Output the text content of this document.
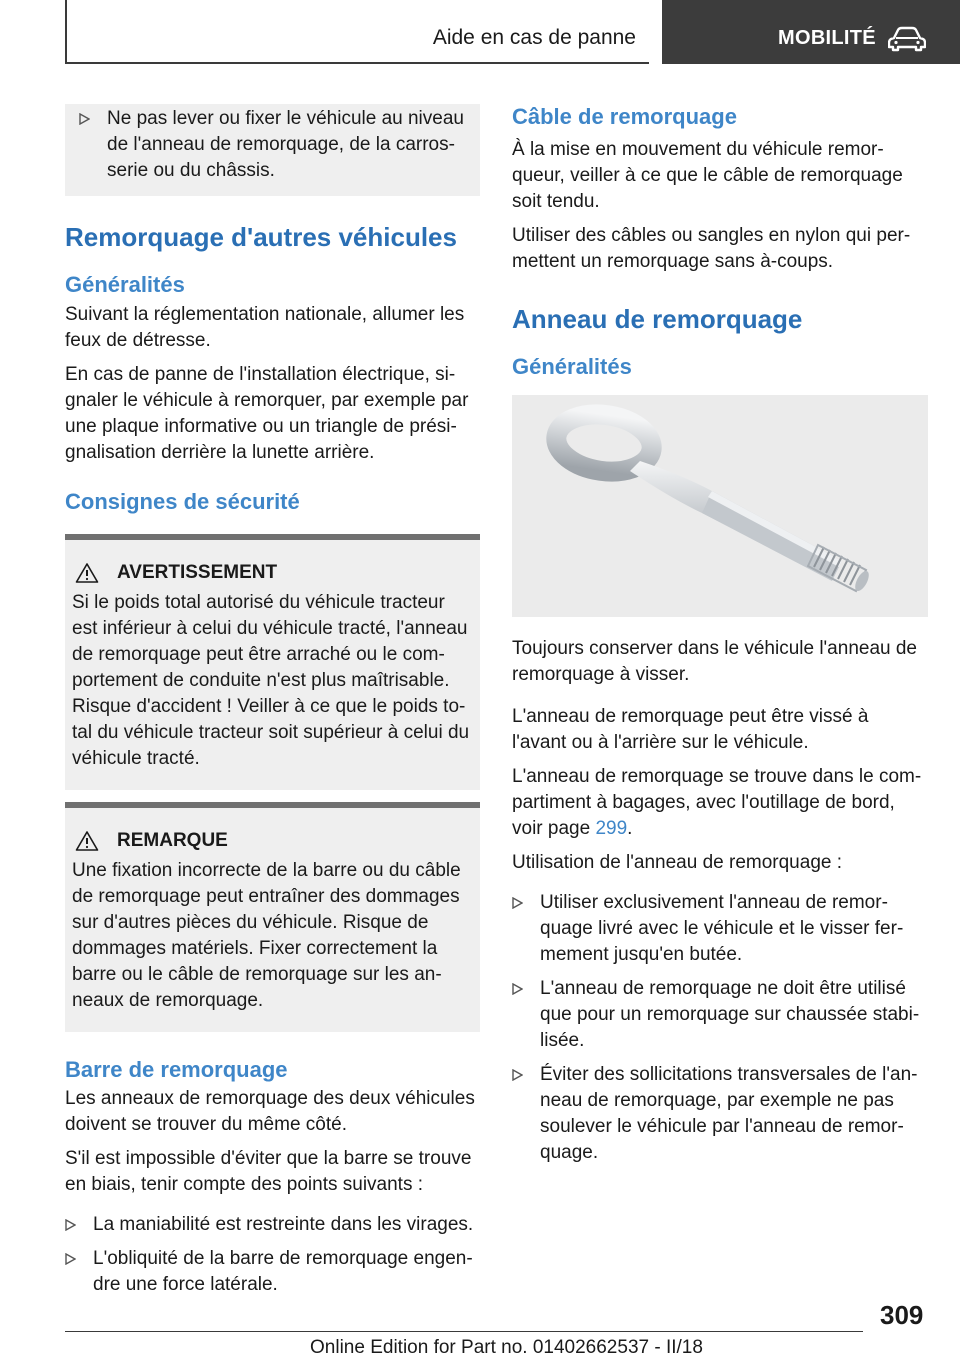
Aide en cas de panne	MOBILITÉ
Ne pas lever ou fixer le véhicule au niveau de l'anneau de remorquage, de la carrosserie ou du châssis.
Remorquage d'autres véhicules
Généralités

Suivant la réglementation nationale, allumer les feux de détresse.

En cas de panne de l'installation électrique, signaler le véhicule à remorquer, par exemple par une plaque informative ou un triangle de présignalisation derrière la lunette arrière.

Consignes de sécurité
AVERTISSEMENT

Si le poids total autorisé du véhicule tracteur est inférieur à celui du véhicule tracté, l'anneau de remorquage peut être arraché ou le comportement de conduite n'est plus maîtrisable. Risque d'accident ! Veiller à ce que le poids total du véhicule tracteur soit supérieur à celui du véhicule tracté.

REMARQUE

Une fixation incorrecte de la barre ou du câble de remorquage peut entraîner des dommages sur d'autres pièces du véhicule. Risque de dommages matériels. Fixer correctement la barre ou le câble de remorquage sur les anneaux de remorquage.

Barre de remorquage

Les anneaux de remorquage des deux véhicules doivent se trouver du même côté.

S'il est impossible d'éviter que la barre se trouve en biais, tenir compte des points suivants :

La maniabilité est restreinte dans les virages.
L'obliquité de la barre de remorquage engendre une force latérale.
Câble de remorquage

À la mise en mouvement du véhicule remorqueur, veiller à ce que le câble de remorquage soit tendu.

Utiliser des câbles ou sangles en nylon qui permettent un remorquage sans à-coups.

Anneau de remorquage
Généralités

Toujours conserver dans le véhicule l'anneau de remorquage à visser.

L'anneau de remorquage peut être vissé à l'avant ou à l'arrière sur le véhicule.

L'anneau de remorquage se trouve dans le compartiment à bagages, avec l'outillage de bord, voir page 299.

Utilisation de l'anneau de remorquage :

Utiliser exclusivement l'anneau de remorquage livré avec le véhicule et le visser fermement jusqu'en butée.
L'anneau de remorquage ne doit être utilisé que pour un remorquage sur chaussée stabilisée.
Éviter des sollicitations transversales de l'anneau de remorquage, par exemple ne pas soulever le véhicule par l'anneau de remorquage.
309
Online Edition for Part no. 01402662537 - II/18
